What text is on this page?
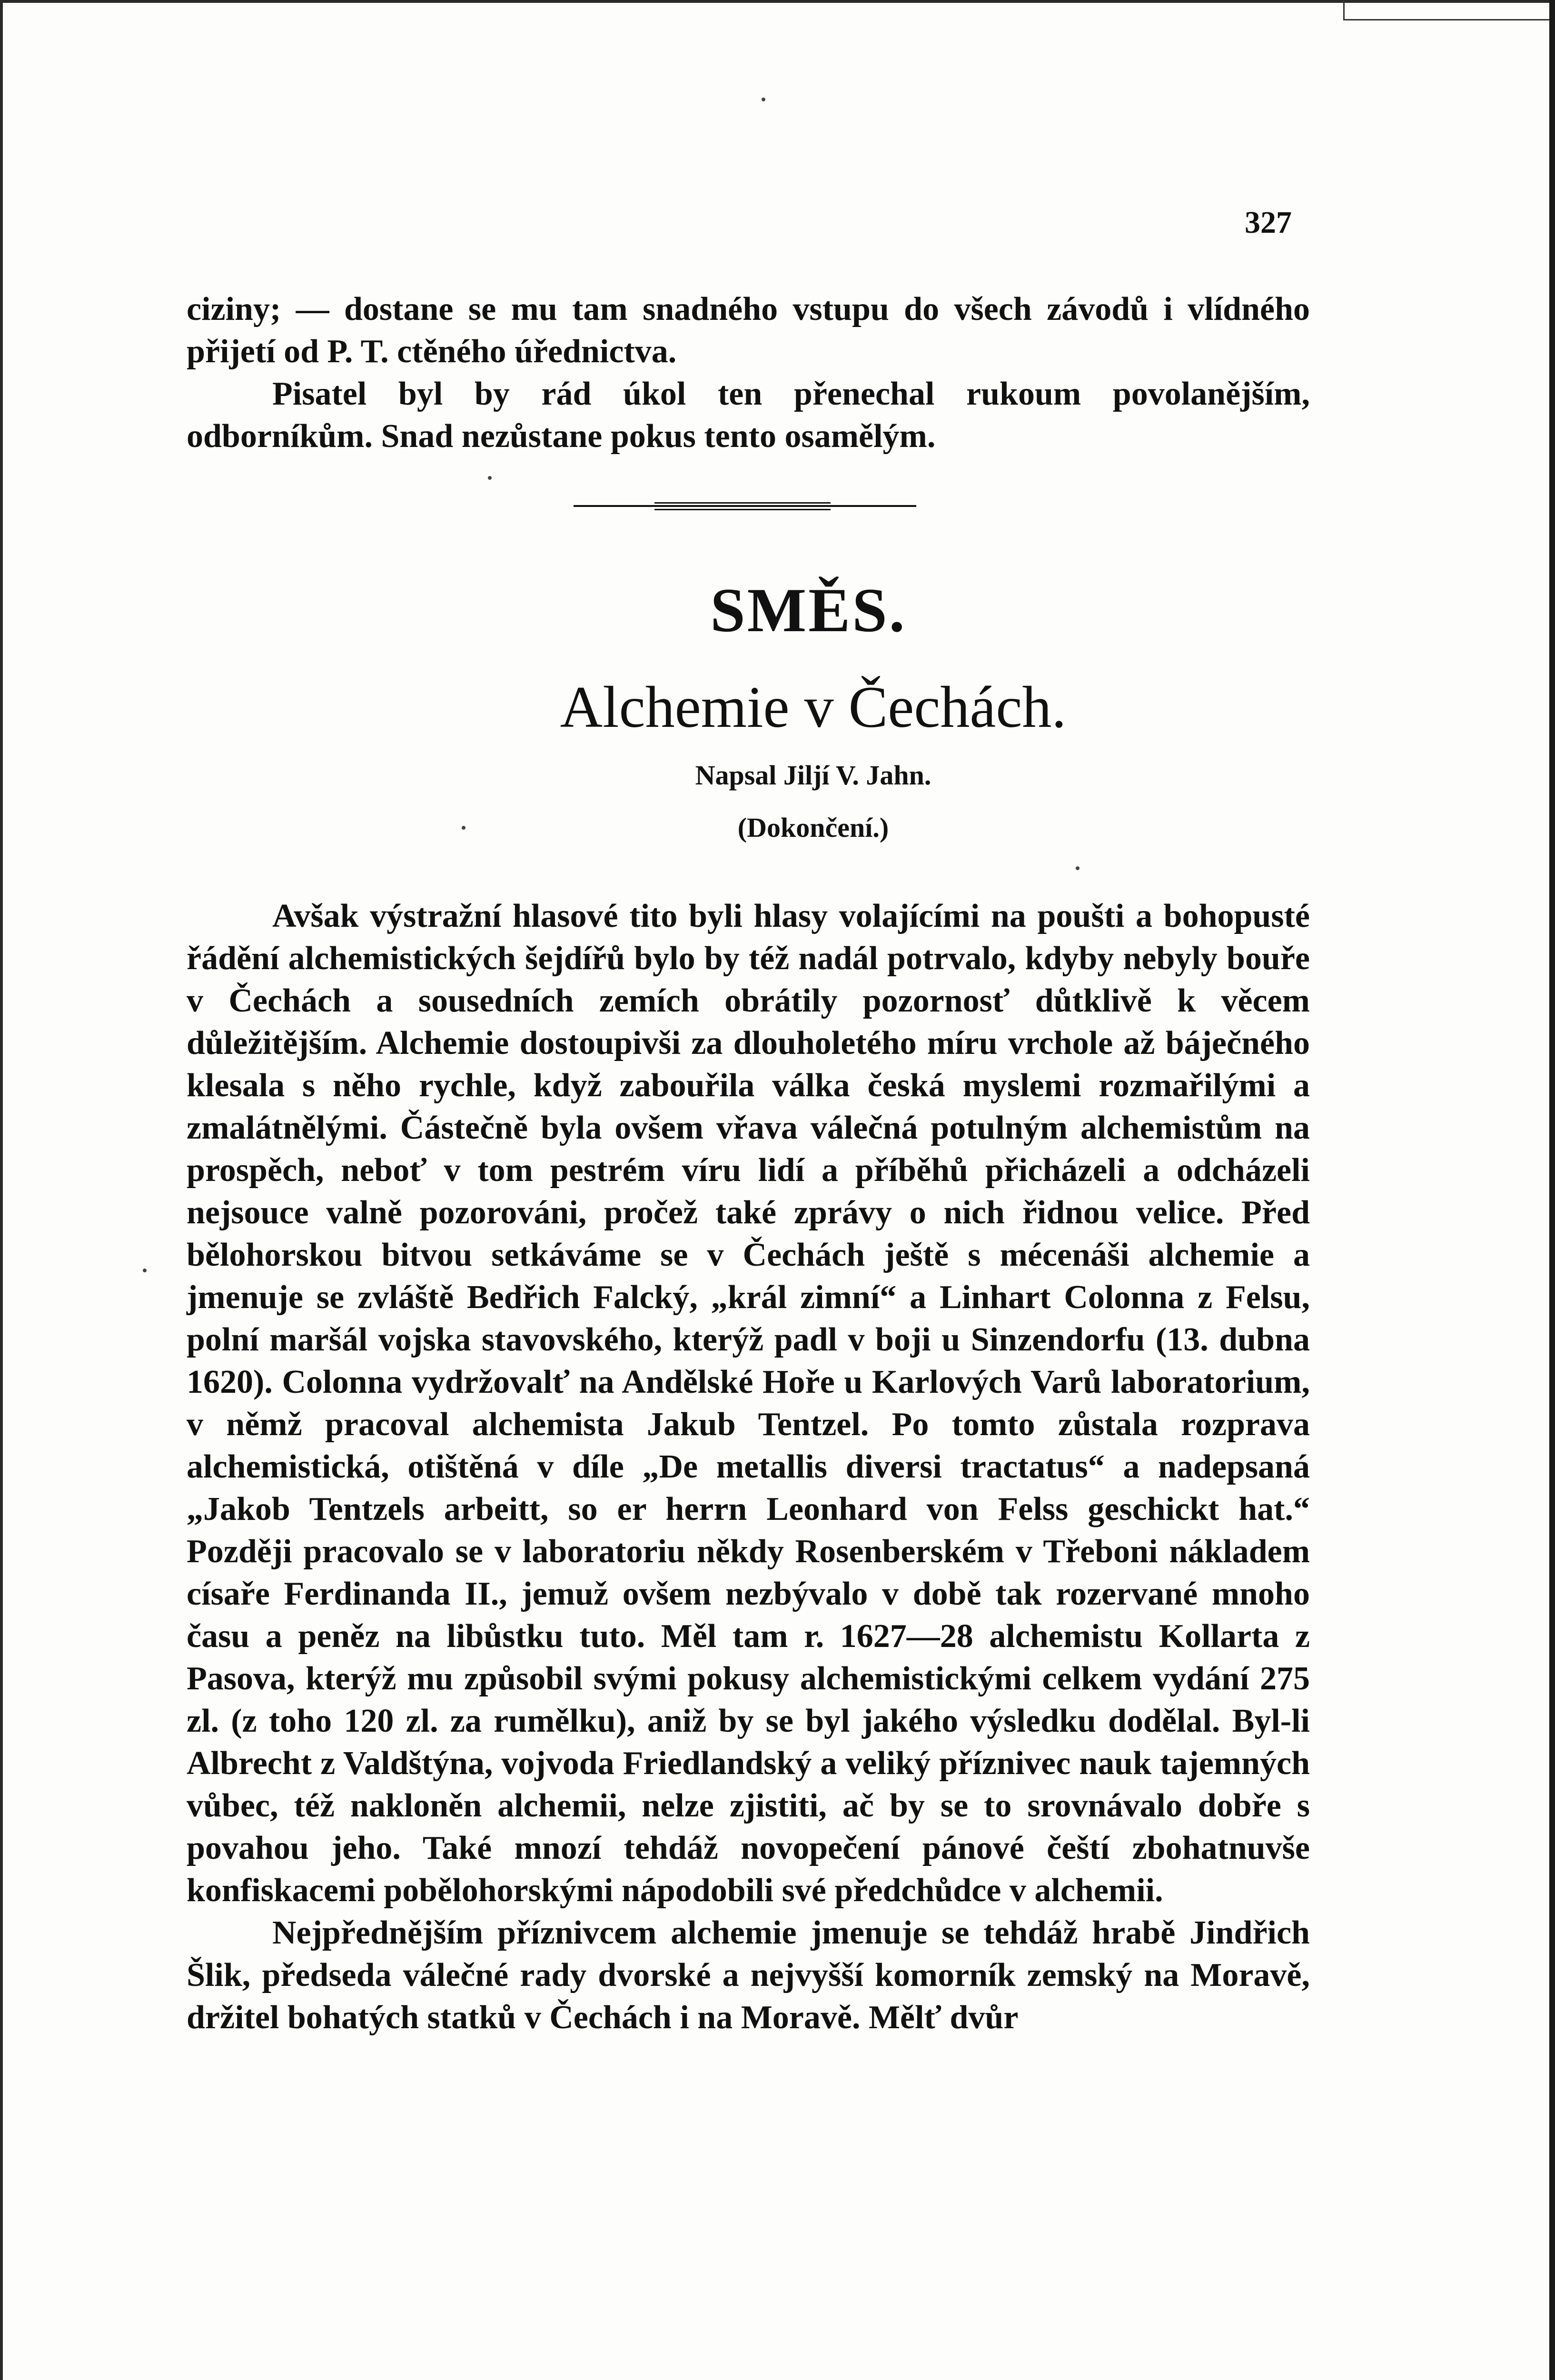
327

ciziny; — dostane se mu tam snadného vstupu do všech závodů i vlídného přijetí od P. T. ctěného úřednictva.

Pisatel byl by rád úkol ten přenechal rukoum povolanějším, odborníkům. Snad nezůstane pokus tento osamělým.

SMĚS.
Alchemie v Čechách.
Napsal Jiljí V. Jahn.
(Dokončení.)

Avšak výstražní hlasové tito byli hlasy volajícími na poušti a bohopusté řádění alchemistických šejdířů bylo by též nadál potrvalo, kdyby nebyly bouře v Čechách a sousedních zemích obrátily pozornosť důtklivě k věcem důležitějším. Alchemie dostoupivši za dlouholetého míru vrchole až báječného klesala s něho rychle, když zabouřila válka česká myslemi rozmařilými a zmalátnělými. Částečně byla ovšem vřava válečná potulným alchemistům na prospěch, neboť v tom pestrém víru lidí a příběhů přicházeli a odcházeli nejsouce valně pozorováni, pročež také zprávy o nich řidnou velice. Před bělohorskou bitvou setkáváme se v Čechách ještě s mécenáši alchemie a jmenuje se zvláště Bedřich Falcký, „král zimní“ a Linhart Colonna z Felsu, polní maršál vojska stavovského, kterýž padl v boji u Sinzendorfu (13. dubna 1620). Colonna vydržovalť na Andělské Hoře u Karlových Varů laboratorium, v němž pracoval alchemista Jakub Tentzel. Po tomto zůstala rozprava alchemistická, otištěná v díle „De metallis diversi tractatus“ a nadepsaná „Jakob Tentzels arbeitt, so er herrn Leonhard von Felss geschickt hat.“ Později pracovalo se v laboratoriu někdy Rosenberském v Třeboni nákladem císaře Ferdinanda II., jemuž ovšem nezbývalo v době tak rozervané mnoho času a peněz na libůstku tuto. Měl tam r. 1627—28 alchemistu Kollarta z Pasova, kterýž mu způsobil svými pokusy alchemistickými celkem vydání 275 zl. (z toho 120 zl. za rumělku), aniž by se byl jakého výsledku dodělal. Byl-li Albrecht z Valdštýna, vojvoda Friedlandský a veliký příznivec nauk tajemných vůbec, též nakloněn alchemii, nelze zjistiti, ač by se to srovnávalo dobře s povahou jeho. Také mnozí tehdáž novopečení pánové čeští zbohatnuvše konfiskacemi pobělohorskými nápodobili své předchůdce v alchemii.

Nejpřednějším příznivcem alchemie jmenuje se tehdáž hrabě Jindřich Šlik, předseda válečné rady dvorské a nejvyšší komorník zemský na Moravě, držitel bohatých statků v Čechách i na Moravě. Mělť dvůr
